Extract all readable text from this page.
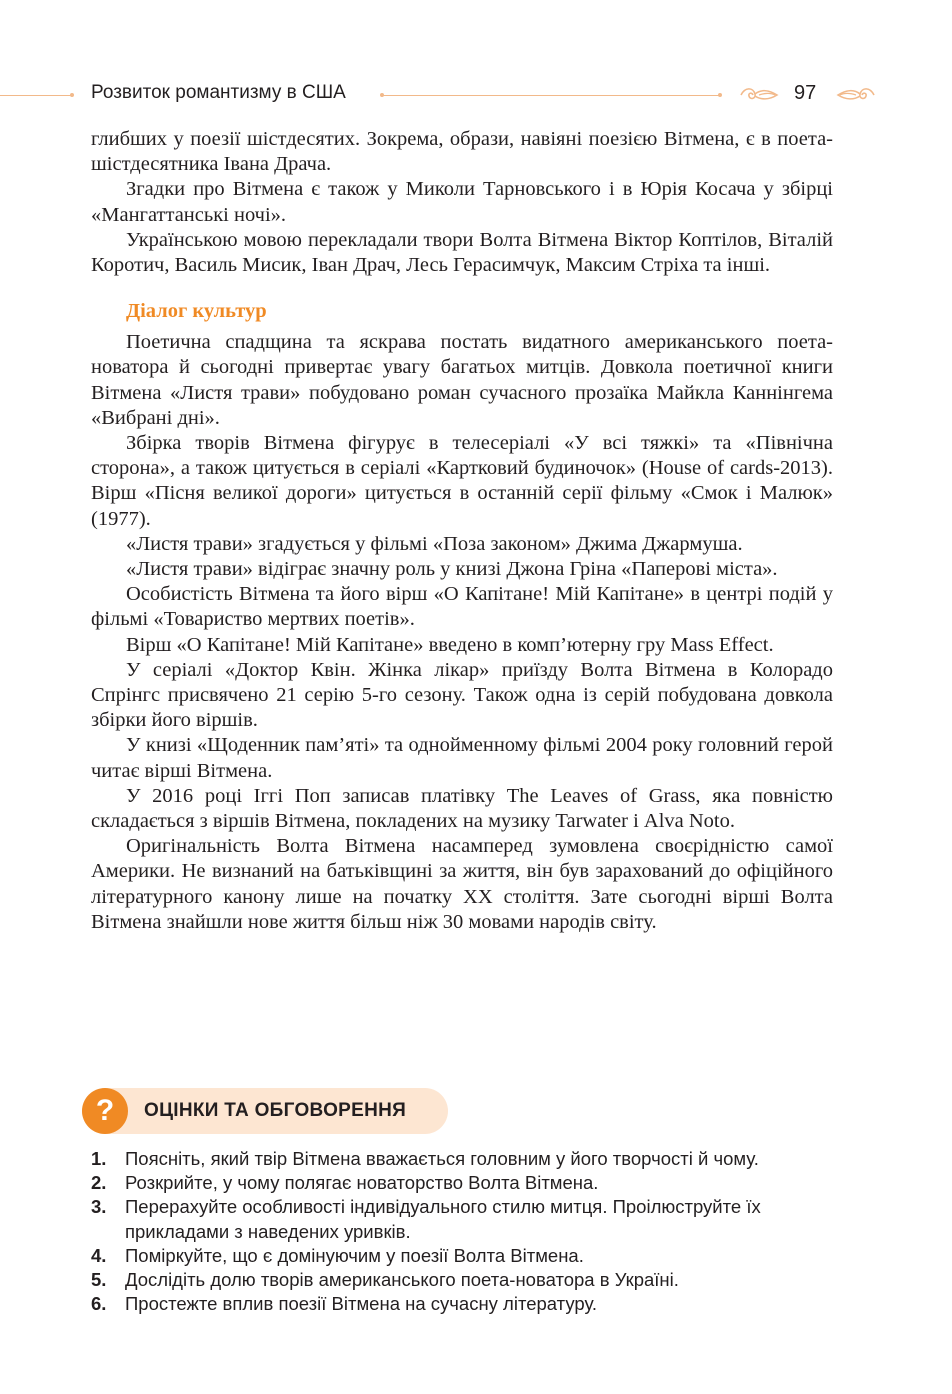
Розвиток романтизму в США	97

глибших у поезії шістдесятих. Зокрема, образи, навіяні поезією Вітмена, є в поета-шістдесятника Івана Драча.

Згадки про Вітмена є також у Миколи Тарновського і в Юрія Косача у збірці «Мангаттанські ночі».

Українською мовою перекладали твори Волта Вітмена Віктор Коптілов, Віталій Коротич, Василь Мисик, Іван Драч, Лесь Герасимчук, Максим Стріха та інші.

Діалог культур

Поетична спадщина та яскрава постать видатного американського поета-новатора й сьогодні привертає увагу багатьох митців. Довкола поетичної книги Вітмена «Листя трави» побудовано роман сучасного прозаїка Майкла Каннінгема «Вибрані дні».

Збірка творів Вітмена фігурує в телесеріалі «У всі тяжкі» та «Північна сторона», а також цитується в серіалі «Картковий будиночок» (House of cards-2013). Вірш «Пісня великої дороги» цитується в останній серії фільму «Смок і Малюк» (1977).

«Листя трави» згадується у фільмі «Поза законом» Джима Джармуша.

«Листя трави» відіграє значну роль у книзі Джона Гріна «Паперові міста».

Особистість Вітмена та його вірш «О Капітане! Мій Капітане» в центрі подій у фільмі «Товариство мертвих поетів».

Вірш «О Капітане! Мій Капітане» введено в комп’ютерну гру Mass Effect.

У серіалі «Доктор Квін. Жінка лікар» приїзду Волта Вітмена в Колорадо Спрінгс присвячено 21 серію 5-го сезону. Також одна із серій побудована довкола збірки його віршів.

У книзі «Щоденник пам’яті» та однойменному фільмі 2004 року головний герой читає вірші Вітмена.

У 2016 році Іггі Поп записав платівку The Leaves of Grass, яка повністю складається з віршів Вітмена, покладених на музику Tarwater і Alva Noto.

Оригінальність Волта Вітмена насамперед зумовлена своєрідністю самої Америки. Не визнаний на батьківщині за життя, він був зарахований до офіційного літературного канону лише на початку XX століття. Зате сьогодні вірші Волта Вітмена знайшли нове життя більш ніж 30 мовами народів світу.

?	ОЦІНКИ ТА ОБГОВОРЕННЯ
1. Поясніть, який твір Вітмена вважається головним у його творчості й чому.
2. Розкрийте, у чому полягає новаторство Волта Вітмена.
3. Перерахуйте особливості індивідуального стилю митця. Проілюструйте їх прикладами з наведених уривків.
4. Поміркуйте, що є домінуючим у поезії Волта Вітмена.
5. Дослідіть долю творів американського поета-новатора в Україні.
6. Простежте вплив поезії Вітмена на сучасну літературу.
